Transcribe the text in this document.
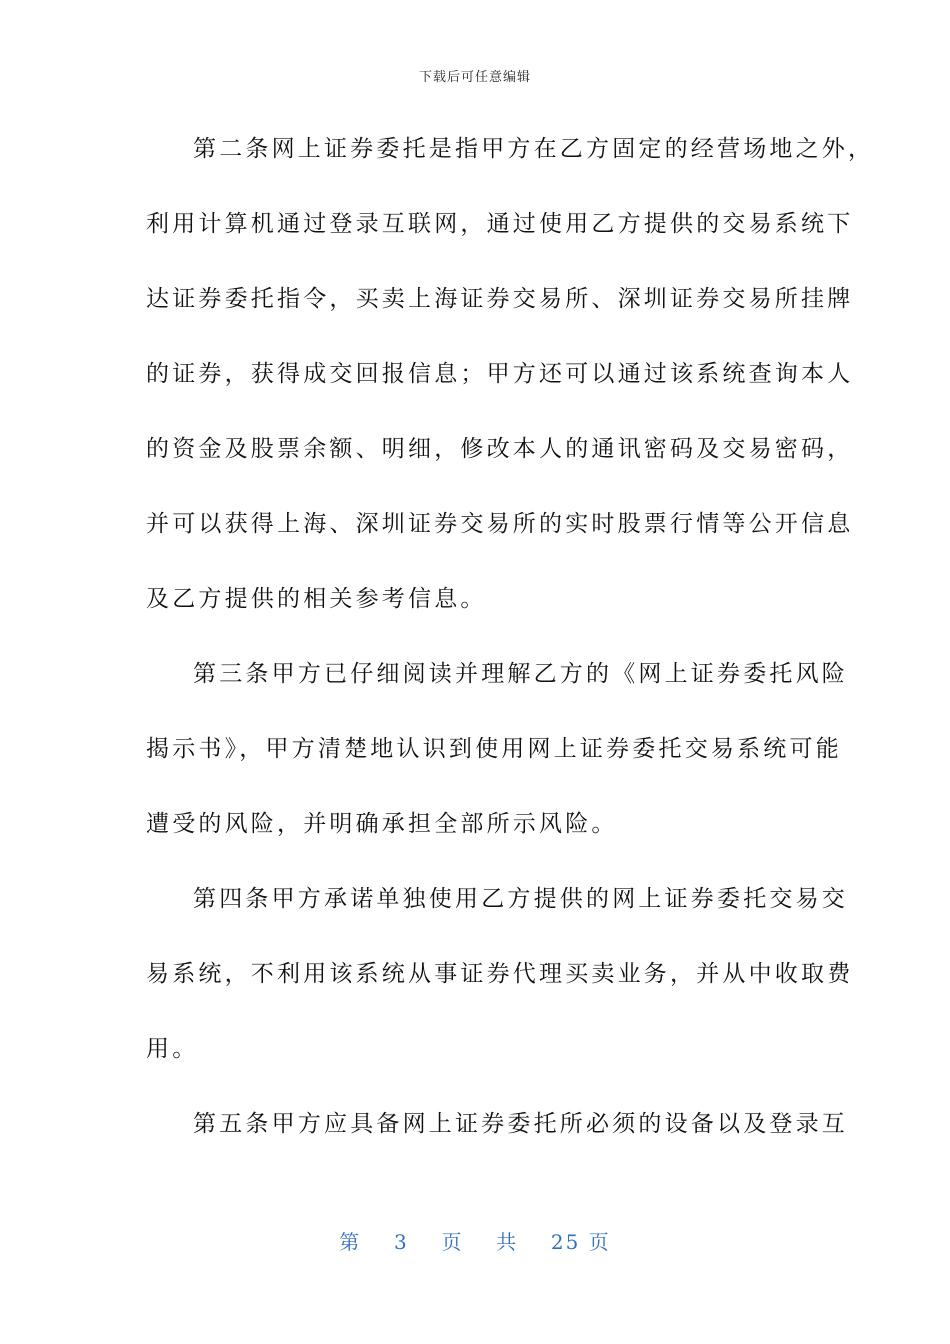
下载后可任意编辑
第二条网上证券委托是指甲方在乙方固定的经营场地之外，
利用计算机通过登录互联网，通过使用乙方提供的交易系统下
达证券委托指令，买卖上海证券交易所、深圳证券交易所挂牌
的证券，获得成交回报信息；甲方还可以通过该系统查询本人
的资金及股票余额、明细，修改本人的通讯密码及交易密码，
并可以获得上海、深圳证券交易所的实时股票行情等公开信息
及乙方提供的相关参考信息。
第三条甲方已仔细阅读并理解乙方的《网上证券委托风险
揭示书》，甲方清楚地认识到使用网上证券委托交易系统可能
遭受的风险，并明确承担全部所示风险。
第四条甲方承诺单独使用乙方提供的网上证券委托交易交
易系统，不利用该系统从事证券代理买卖业务，并从中收取费
用。
第五条甲方应具备网上证券委托所必须的设备以及登录互
第 3 页 共 25 页
